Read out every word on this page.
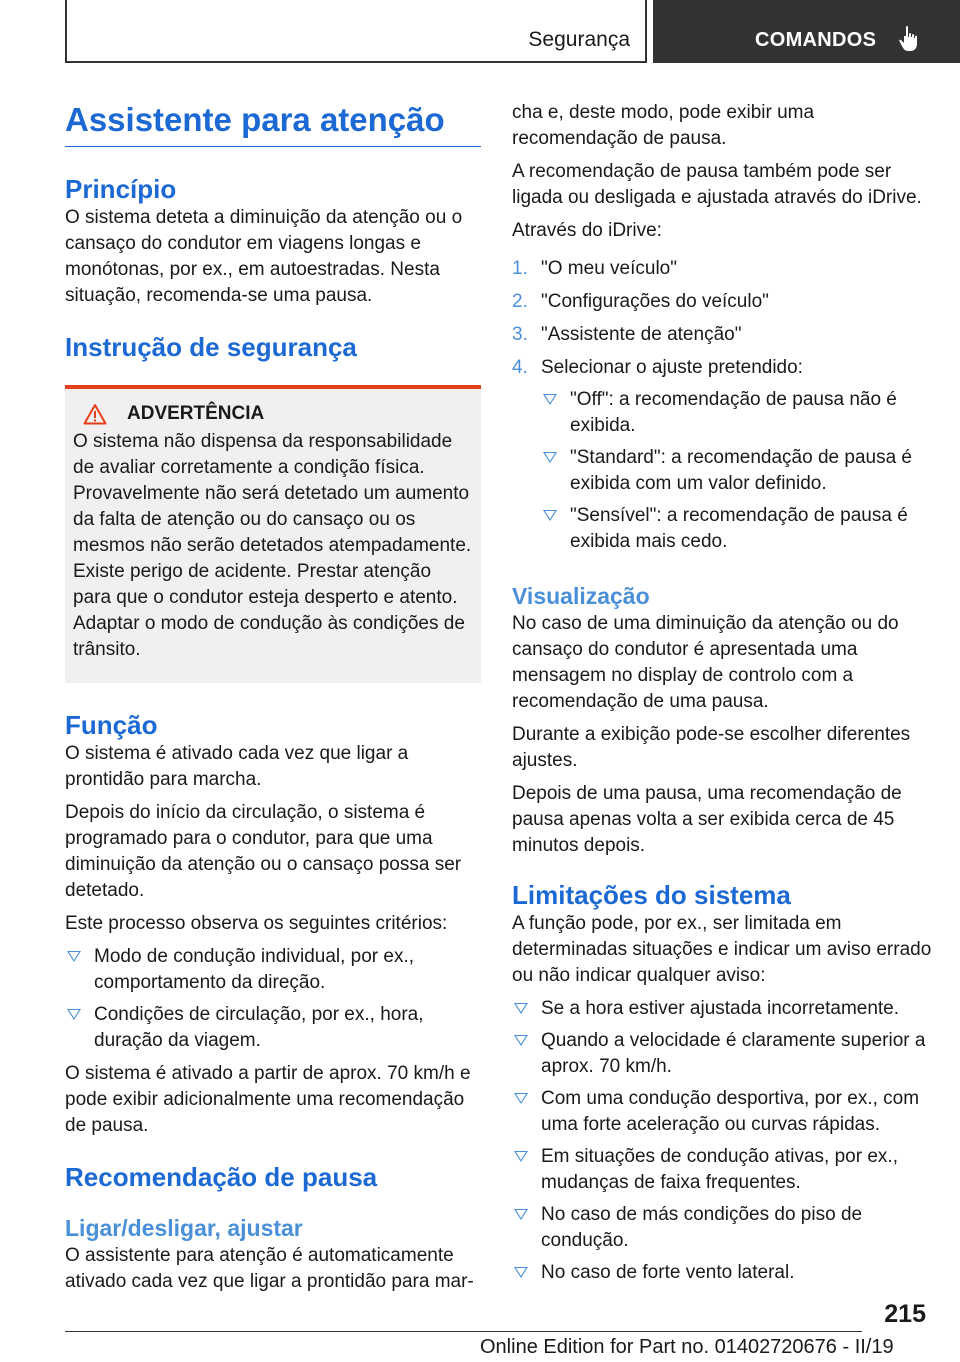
Segurança	COMANDOS
Assistente para atenção
Princípio

O sistema deteta a diminuição da atenção ou o cansaço do condutor em viagens longas e monótonas, por ex., em autoestradas. Nesta situação, recomenda-se uma pausa.

Instrução de segurança
ADVERTÊNCIA

O sistema não dispensa da responsabilidade de avaliar corretamente a condição física. Provavelmente não será detetado um aumento da falta de atenção ou do cansaço ou os mesmos não serão detetados atempadamente. Existe perigo de acidente. Prestar atenção para que o condutor esteja desperto e atento. Adaptar o modo de condução às condições de trânsito.

Função

O sistema é ativado cada vez que ligar a prontidão para marcha.

Depois do início da circulação, o sistema é programado para o condutor, para que uma diminuição da atenção ou o cansaço possa ser detetado.

Este processo observa os seguintes critérios:

Modo de condução individual, por ex., comportamento da direção.
Condições de circulação, por ex., hora, duração da viagem.

O sistema é ativado a partir de aprox. 70 km/h e pode exibir adicionalmente uma recomendação de pausa.

Recomendação de pausa
Ligar/desligar, ajustar

O assistente para atenção é automaticamente ativado cada vez que ligar a prontidão para mar-

cha e, deste modo, pode exibir uma recomendação de pausa.

A recomendação de pausa também pode ser ligada ou desligada e ajustada através do iDrive.

Através do iDrive:

1. "O meu veículo"
2. "Configurações do veículo"
3. "Assistente de atenção"
4. Selecionar o ajuste pretendido:
"Off": a recomendação de pausa não é exibida.
"Standard": a recomendação de pausa é exibida com um valor definido.
"Sensível": a recomendação de pausa é exibida mais cedo.
Visualização

No caso de uma diminuição da atenção ou do cansaço do condutor é apresentada uma mensagem no display de controlo com a recomendação de uma pausa.

Durante a exibição pode-se escolher diferentes ajustes.

Depois de uma pausa, uma recomendação de pausa apenas volta a ser exibida cerca de 45 minutos depois.

Limitações do sistema

A função pode, por ex., ser limitada em determinadas situações e indicar um aviso errado ou não indicar qualquer aviso:

Se a hora estiver ajustada incorretamente.
Quando a velocidade é claramente superior a aprox. 70 km/h.
Com uma condução desportiva, por ex., com uma forte aceleração ou curvas rápidas.
Em situações de condução ativas, por ex., mudanças de faixa frequentes.
No caso de más condições do piso de condução.
No caso de forte vento lateral.
215
Online Edition for Part no. 01402720676 - II/19
